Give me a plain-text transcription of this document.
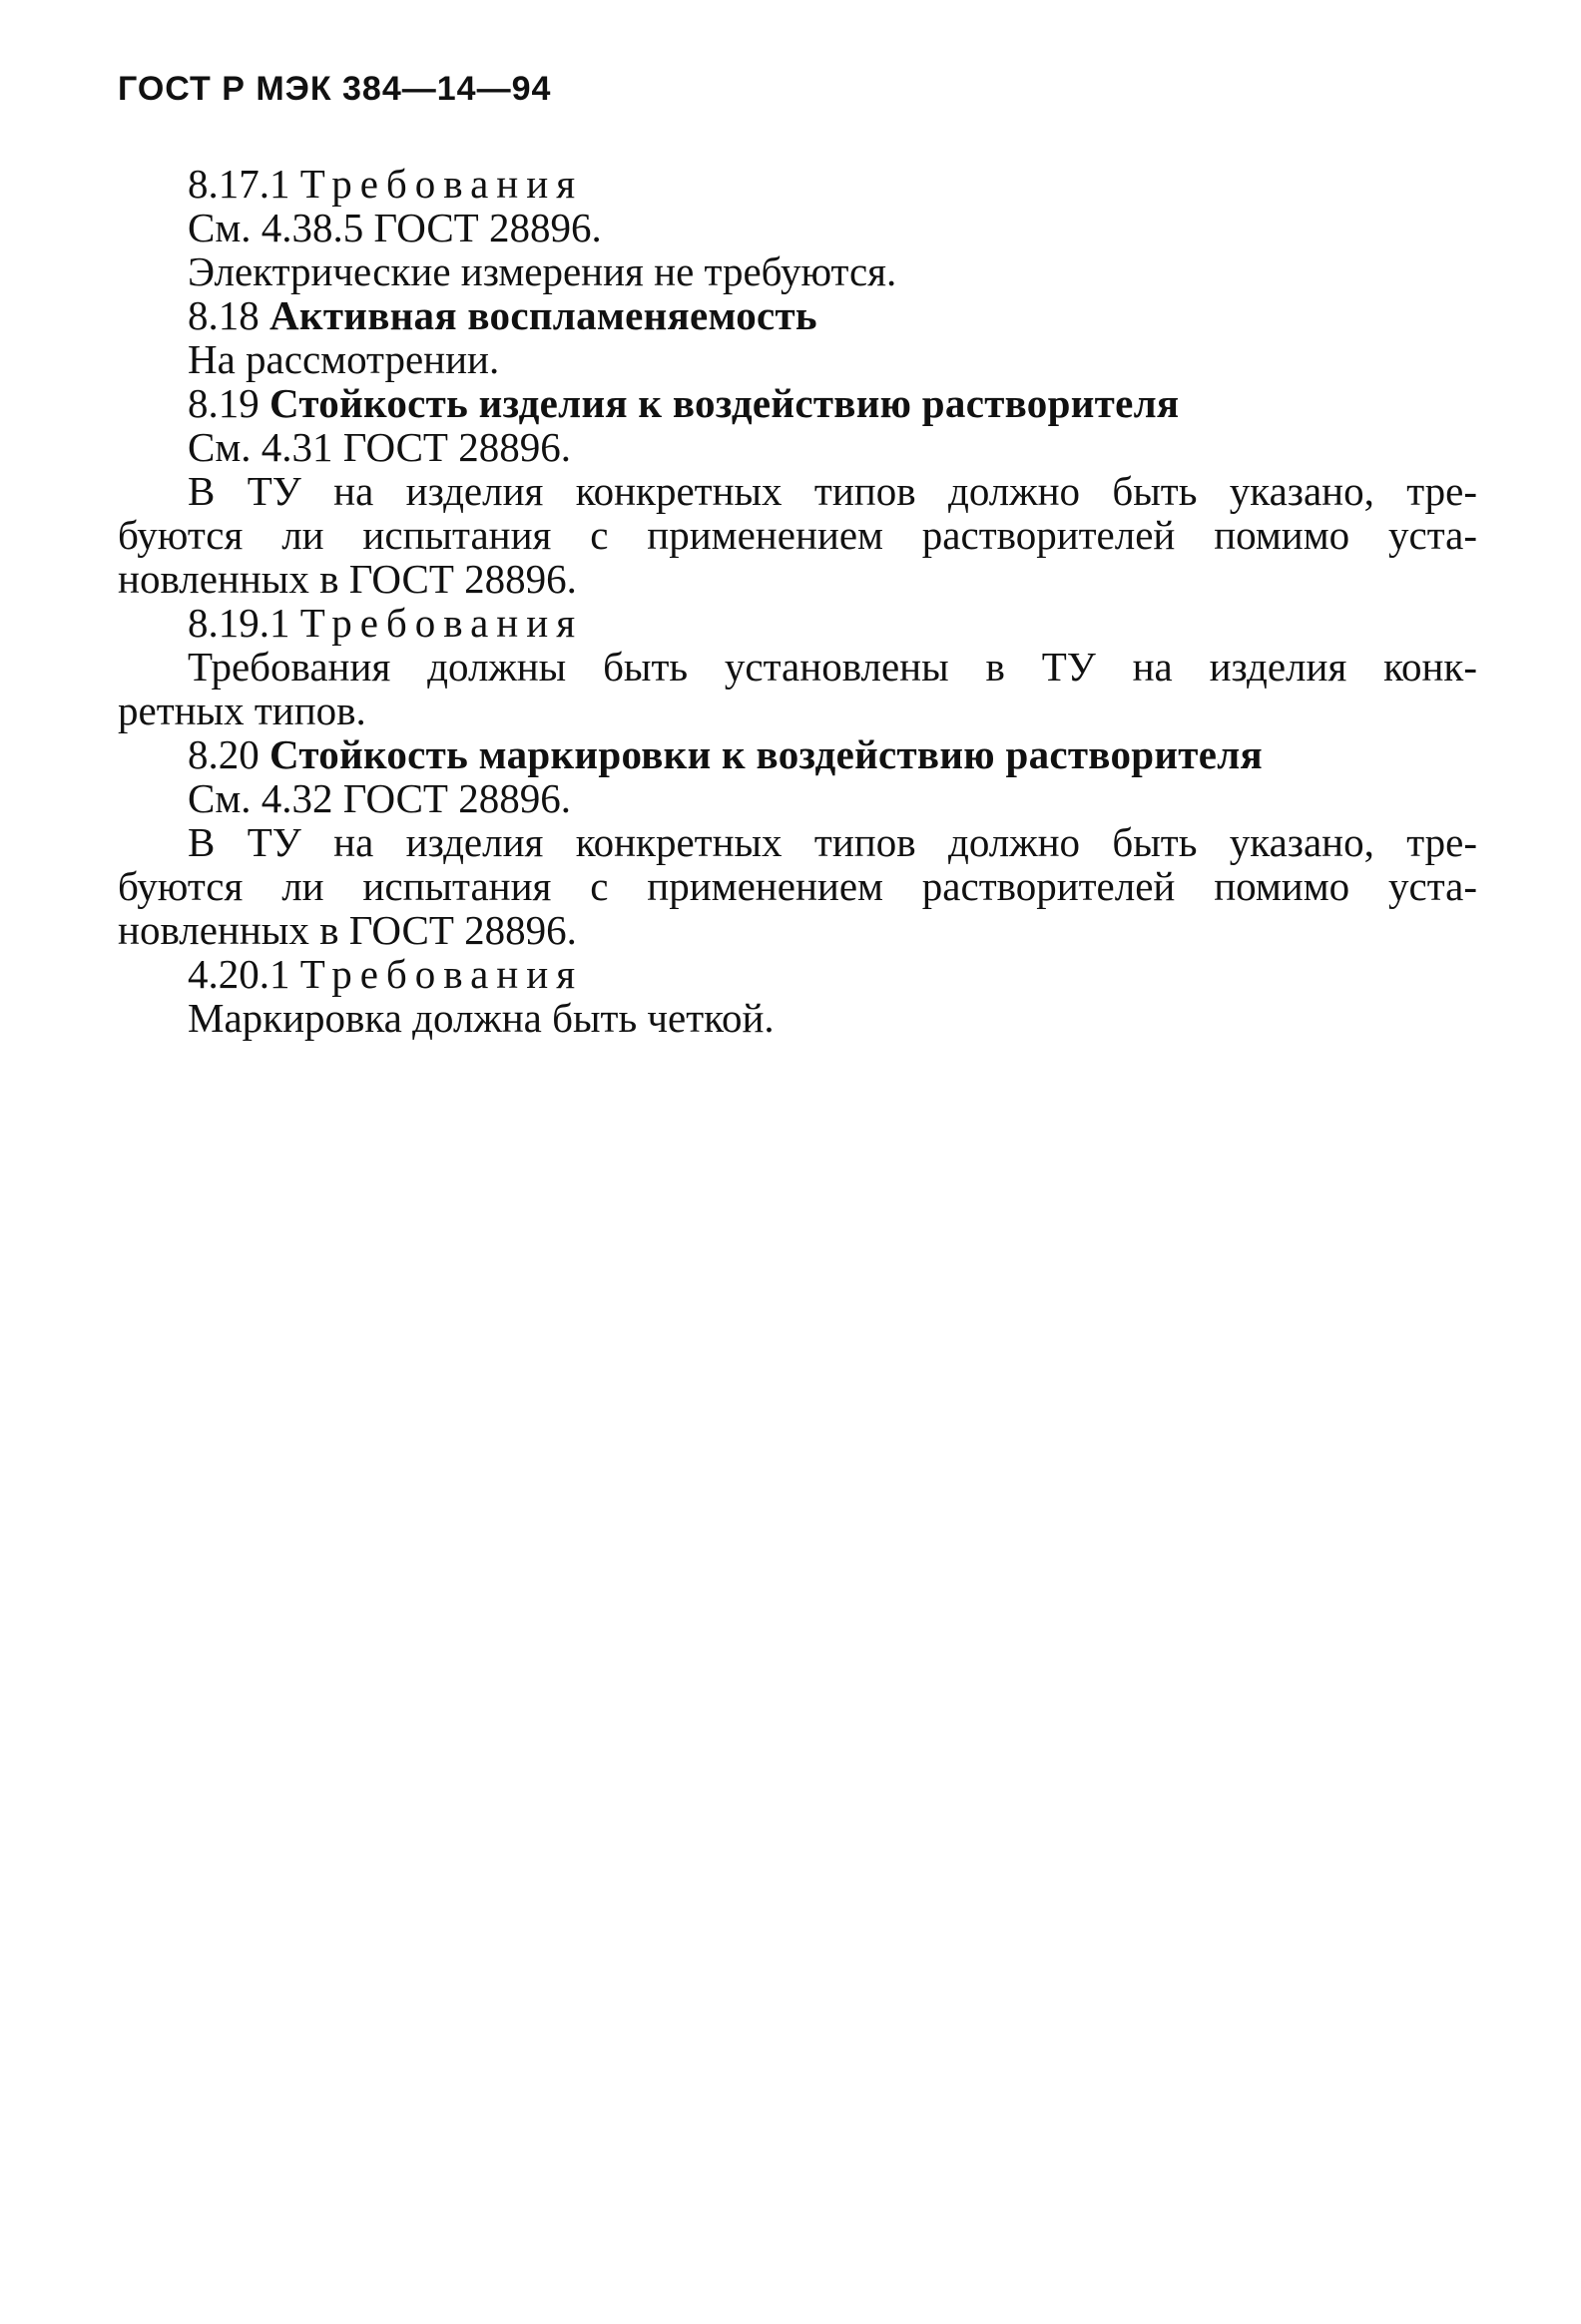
ГОСТ Р МЭК 384—14—94
8.17.1 Требования
См. 4.38.5 ГОСТ 28896.
Электрические измерения не требуются.
8.18 Активная воспламеняемость
На рассмотрении.
8.19 Стойкость изделия к воздействию растворителя
См. 4.31 ГОСТ 28896.
В ТУ на изделия конкретных типов должно быть указано, тре-
буются ли испытания с применением растворителей помимо уста-
новленных в ГОСТ 28896.
8.19.1 Требования
Требования должны быть установлены в ТУ на изделия конк-
ретных типов.
8.20 Стойкость маркировки к воздействию растворителя
См. 4.32 ГОСТ 28896.
В ТУ на изделия конкретных типов должно быть указано, тре-
буются ли испытания с применением растворителей помимо уста-
новленных в ГОСТ 28896.
4.20.1 Требования
Маркировка должна быть четкой.
